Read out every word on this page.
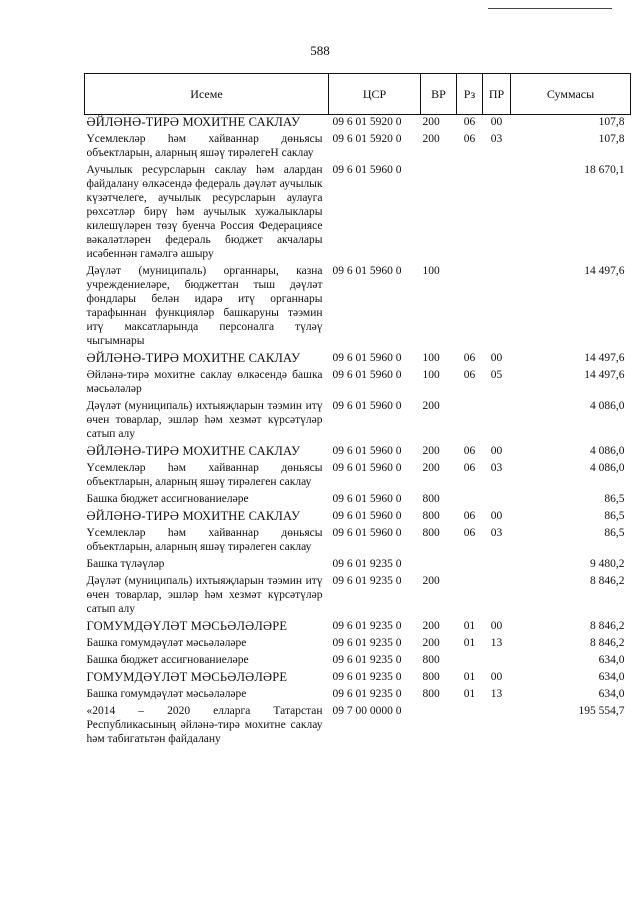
588
Исеме	ЦСР	ВР	Рз	ПР	Суммасы
ӘЙЛӘНӘ-ТИРӘ МОХИТНЕ САКЛАУ	09 6 01 5920 0	200	06	00	107,8
Үсемлекләр һәм хайваннар дөньясы объектларын, аларның яшәү тирәлегеН саклау	09 6 01 5920 0	200	06	03	107,8
Аучылык ресурсларын саклау һәм алардан файдалану өлкәсендә федераль дәүләт аучылык күзәтчелеге, аучылык ресурсларын аулауга рөхсәтләр бирү һәм аучылык хужалыклары килешүләрен төзү буенча Россия Федерациясе вәкаләтләрен федераль бюджет акчалары исәбеннән гамәлгә ашыру	09 6 01 5960 0				18 670,1
Дәүләт (муниципаль) органнары, казна учреждениеләре, бюджеттан тыш дәүләт фондлары белән идарә итү органнары тарафыннан функцияләр башкаруны тәэмин итү максатларында персоналга түләү чыгымнары	09 6 01 5960 0	100			14 497,6
ӘЙЛӘНӘ-ТИРӘ МОХИТНЕ САКЛАУ	09 6 01 5960 0	100	06	00	14 497,6
Әйләнә-тирә мохитне саклау өлкәсендә башка мәсьәләләр	09 6 01 5960 0	100	06	05	14 497,6
Дәүләт (муниципаль) ихтыяҗларын тәэмин итү өчен товарлар, эшләр һәм хезмәт күрсәтүләр сатып алу	09 6 01 5960 0	200			4 086,0
ӘЙЛӘНӘ-ТИРӘ МОХИТНЕ САКЛАУ	09 6 01 5960 0	200	06	00	4 086,0
Үсемлекләр һәм хайваннар дөньясы объектларын, аларның яшәү тирәлеген саклау	09 6 01 5960 0	200	06	03	4 086,0
Башка бюджет ассигнованиеләре	09 6 01 5960 0	800			86,5
ӘЙЛӘНӘ-ТИРӘ МОХИТНЕ САКЛАУ	09 6 01 5960 0	800	06	00	86,5
Үсемлекләр һәм хайваннар дөньясы объектларын, аларның яшәү тирәлеген саклау	09 6 01 5960 0	800	06	03	86,5
Башка түләүләр	09 6 01 9235 0				9 480,2
Дәүләт (муниципаль) ихтыяҗларын тәэмин итү өчен товарлар, эшләр һәм хезмәт күрсәтүләр сатып алу	09 6 01 9235 0	200			8 846,2
ГОМУМДӘҮЛӘТ МӘСЬӘЛӘЛӘРЕ	09 6 01 9235 0	200	01	00	8 846,2
Башка гомумдәүләт мәсьәләләре	09 6 01 9235 0	200	01	13	8 846,2
Башка бюджет ассигнованиеләре	09 6 01 9235 0	800			634,0
ГОМУМДӘҮЛӘТ МӘСЬӘЛӘЛӘРЕ	09 6 01 9235 0	800	01	00	634,0
Башка гомумдәүләт мәсьәләләре	09 6 01 9235 0	800	01	13	634,0
«2014 – 2020 елларга Татарстан Республикасының әйләнә-тирә мохитне саклау һәм табигатьтән файдалану	09 7 00 0000 0				195 554,7
